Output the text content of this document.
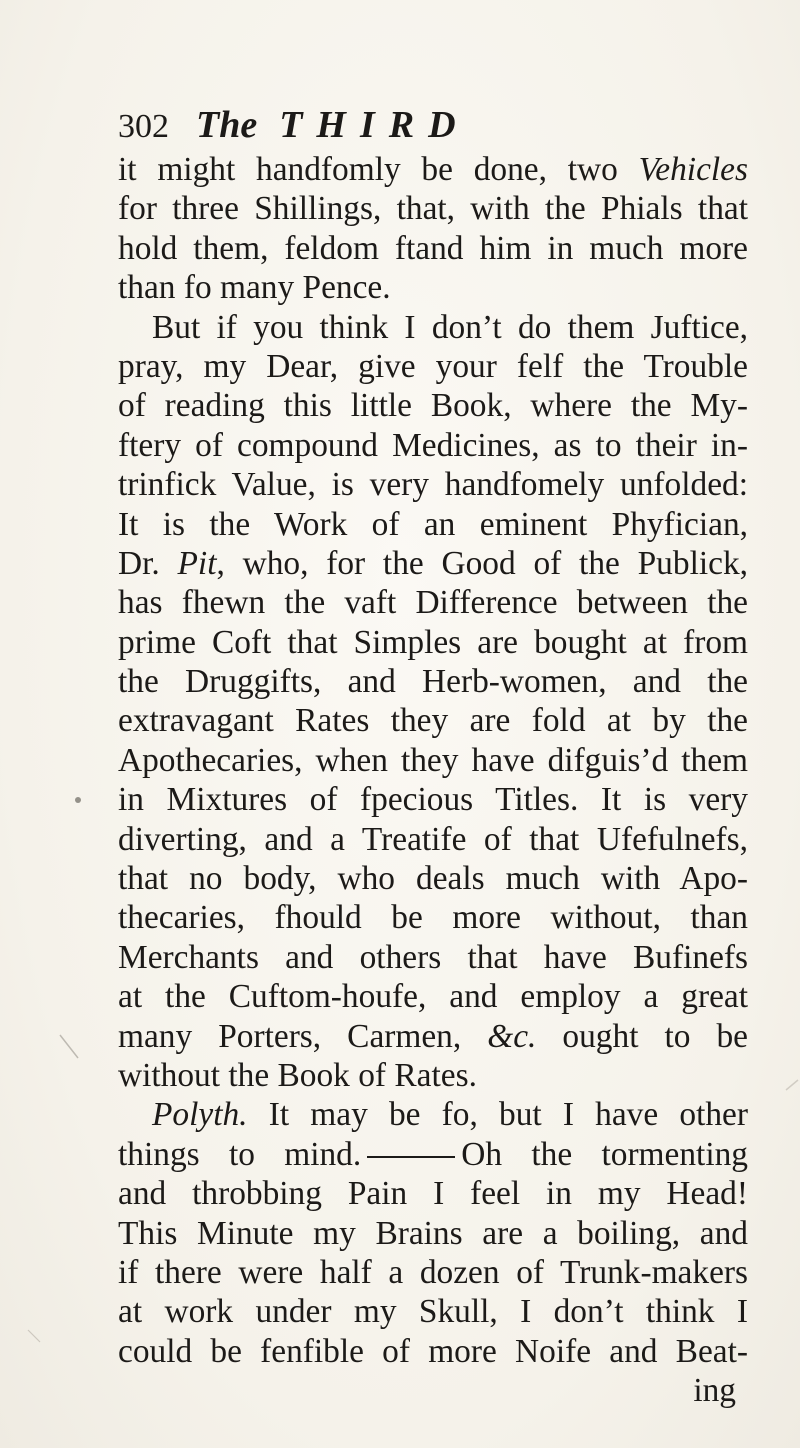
302 The THIRD
it might handfomly be done, two Vehicles
for three Shillings, that, with the Phials that
hold them, feldom ftand him in much more
than fo many Pence.
But if you think I don’t do them Juftice,
pray, my Dear, give your felf the Trouble
of reading this little Book, where the My-
ftery of compound Medicines, as to their in-
trinfick Value, is very handfomely unfolded:
It is the Work of an eminent Phyfician,
Dr. Pit, who, for the Good of the Publick,
has fhewn the vaft Difference between the
prime Coft that Simples are bought at from
the Druggifts, and Herb-women, and the
extravagant Rates they are fold at by the
Apothecaries, when they have difguis’d them
in Mixtures of fpecious Titles. It is very
diverting, and a Treatife of that Ufefulnefs,
that no body, who deals much with Apo-
thecaries, fhould be more without, than
Merchants and others that have Bufinefs
at the Cuftom-houfe, and employ a great
many Porters, Carmen, &c. ought to be
without the Book of Rates.
Polyth. It may be fo, but I have other
things to mind.	Oh the tormenting
and throbbing Pain I feel in my Head!
This Minute my Brains are a boiling, and
if there were half a dozen of Trunk-makers
at work under my Skull, I don’t think I
could be fenfible of more Noife and Beat-
ing
